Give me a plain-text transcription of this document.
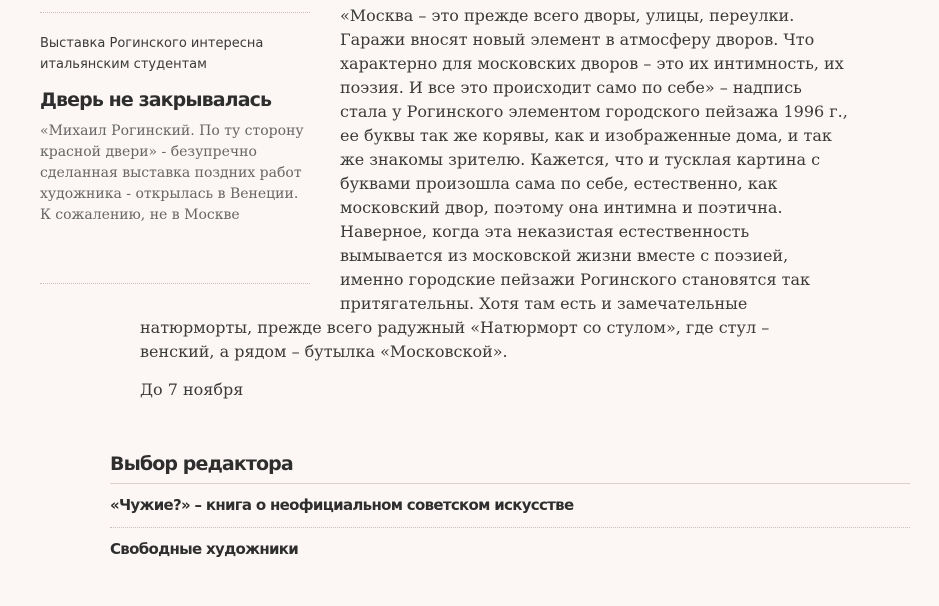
Выставка Рогинского интересна итальянским студентам
Дверь не закрывалась
«Михаил Рогинский. По ту сторону красной двери» - безупречно сделанная выставка поздних работ художника - открылась в Венеции. К сожалению, не в Москве
«Москва – это прежде всего дворы, улицы, переулки.
Гаражи вносят новый элемент в атмосферу дворов. Что
характерно для московских дворов – это их интимность, их
поэзия. И все это происходит само по себе» – надпись
стала у Рогинского элементом городского пейзажа 1996 г.,
ее буквы так же корявы, как и изображенные дома, и так
же знакомы зрителю. Кажется, что и тусклая картина с
буквами произошла сама по себе, естественно, как
московский двор, поэтому она интимна и поэтична.
Наверное, когда эта неказистая естественность
вымывается из московской жизни вместе с поэзией,
именно городские пейзажи Рогинского становятся так
притягательны. Хотя там есть и замечательные
натюрморты, прежде всего радужный «Натюрморт со стулом», где стул –
венский, а рядом – бутылка «Московской».
До 7 ноября
Выбор редактора
«Чужие?» – книга о неофициальном советском искусстве
Свободные художники
